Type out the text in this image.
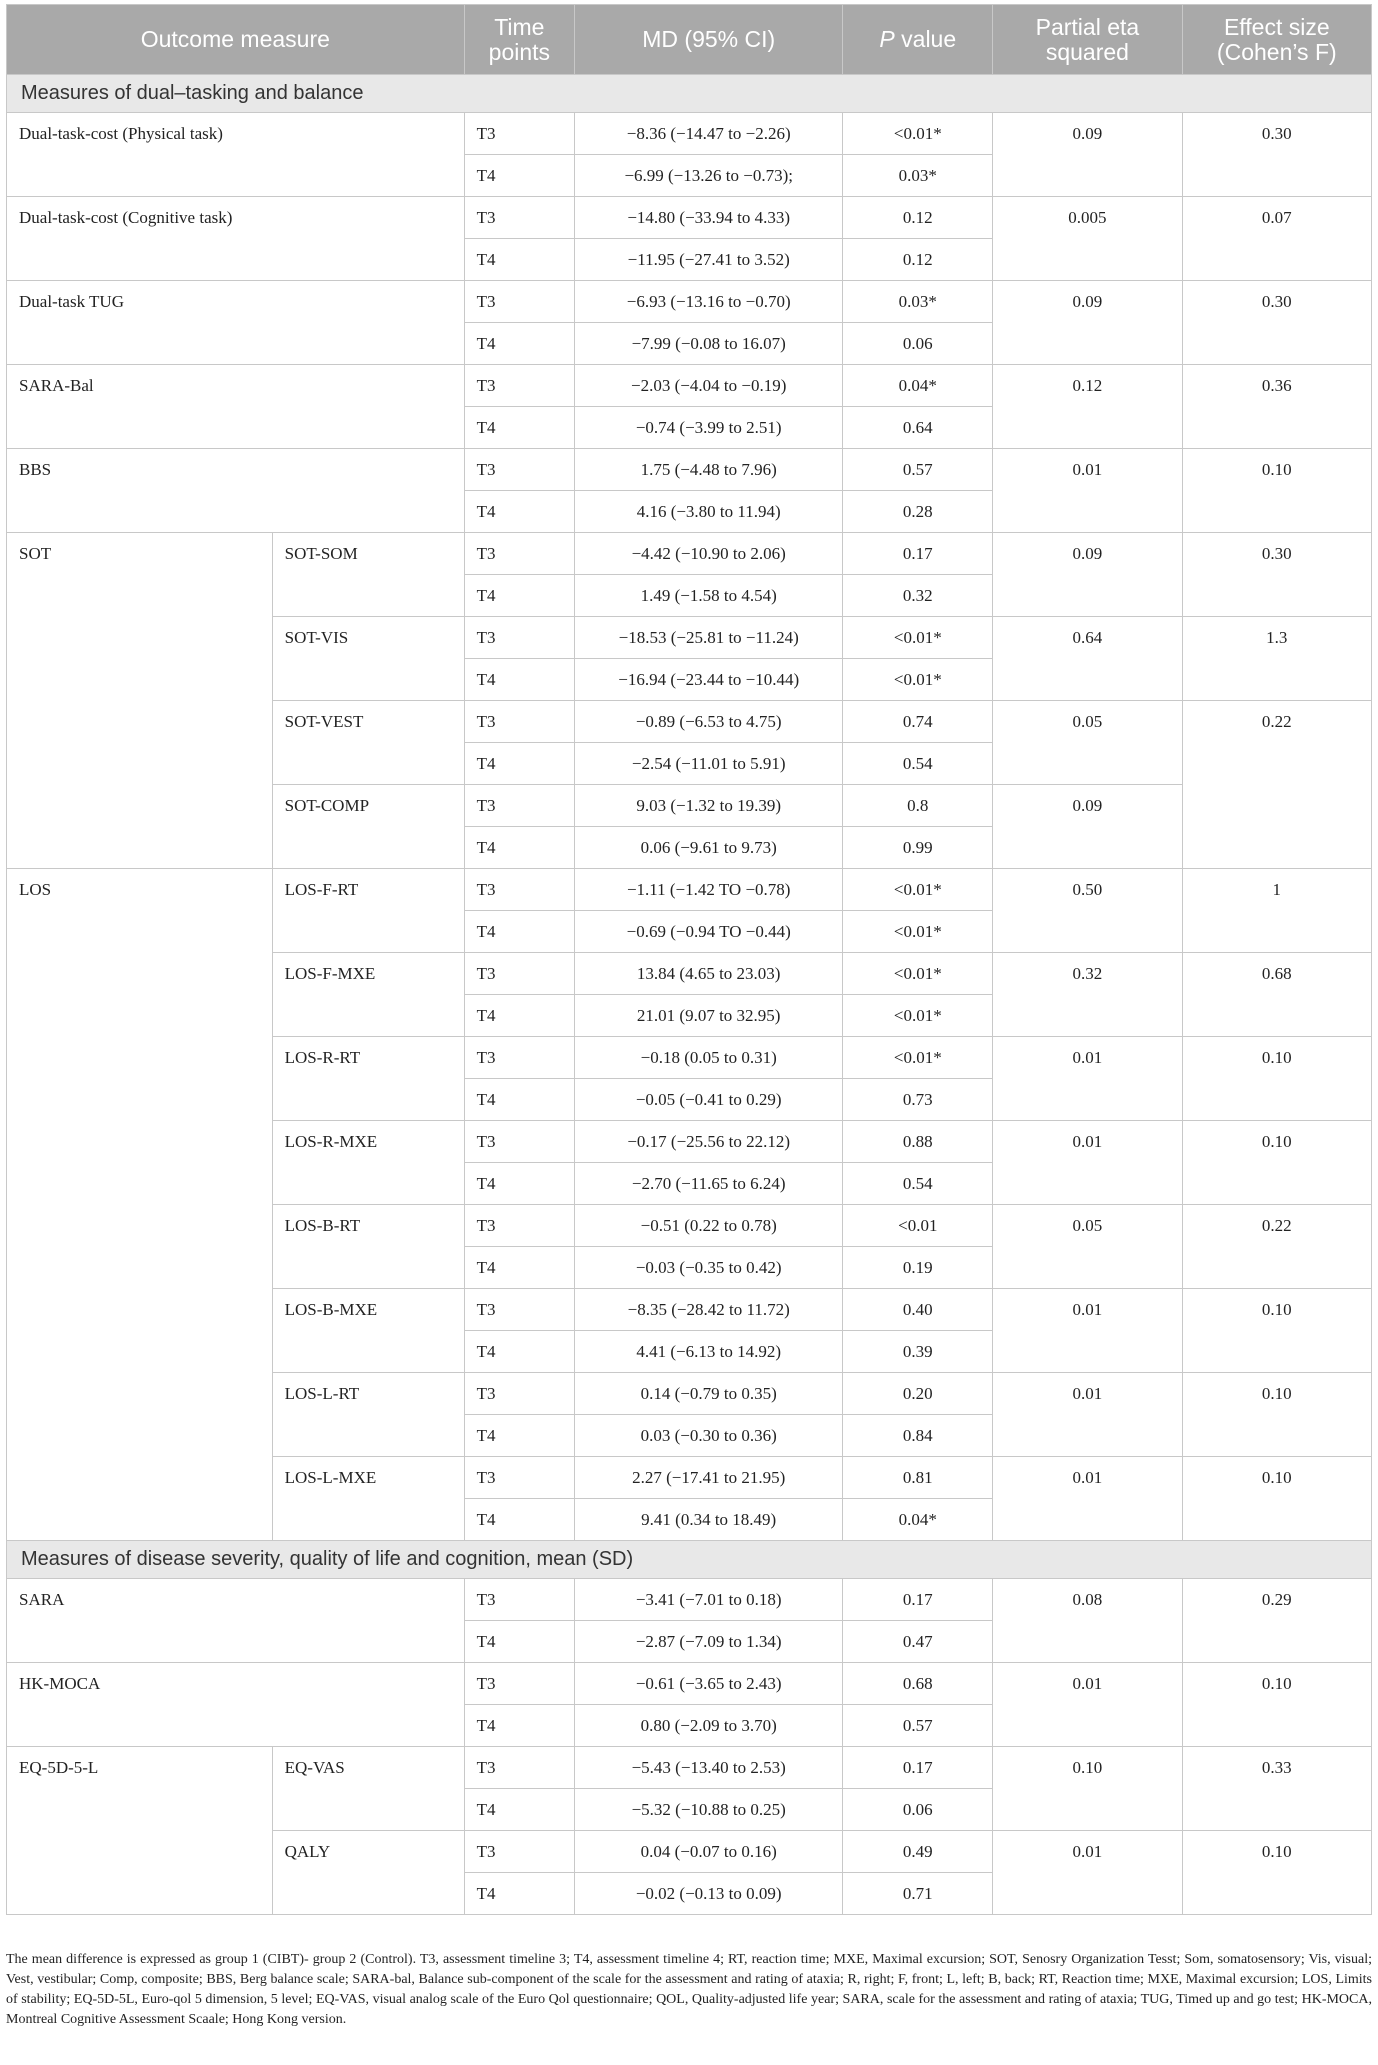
Outcome measure		Time points	MD (95% CI)	P value	Partial eta squared	Effect size (Cohen’s F)
Measures of dual–tasking and balance						
Dual-task-cost (Physical task)		T3	−8.36 (−14.47 to −2.26)	<0.01*	0.09	0.30
		T4	−6.99 (−13.26 to −0.73);	0.03*		
Dual-task-cost (Cognitive task)		T3	−14.80 (−33.94 to 4.33)	0.12	0.005	0.07
		T4	−11.95 (−27.41 to 3.52)	0.12		
Dual-task TUG		T3	−6.93 (−13.16 to −0.70)	0.03*	0.09	0.30
		T4	−7.99 (−0.08 to 16.07)	0.06		
SARA-Bal		T3	−2.03 (−4.04 to −0.19)	0.04*	0.12	0.36
		T4	−0.74 (−3.99 to 2.51)	0.64		
BBS		T3	1.75 (−4.48 to 7.96)	0.57	0.01	0.10
		T4	4.16 (−3.80 to 11.94)	0.28		
SOT	SOT-SOM	T3	−4.42 (−10.90 to 2.06)	0.17	0.09	0.30
		T4	1.49 (−1.58 to 4.54)	0.32		
	SOT-VIS	T3	−18.53 (−25.81 to −11.24)	<0.01*	0.64	1.3
		T4	−16.94 (−23.44 to −10.44)	<0.01*		
	SOT-VEST	T3	−0.89 (−6.53 to 4.75)	0.74	0.05	0.22
		T4	−2.54 (−11.01 to 5.91)	0.54		
	SOT-COMP	T3	9.03 (−1.32 to 19.39)	0.8	0.09	
		T4	0.06 (−9.61 to 9.73)	0.99		
LOS	LOS-F-RT	T3	−1.11 (−1.42 TO −0.78)	<0.01*	0.50	1
		T4	−0.69 (−0.94 TO −0.44)	<0.01*		
	LOS-F-MXE	T3	13.84 (4.65 to 23.03)	<0.01*	0.32	0.68
		T4	21.01 (9.07 to 32.95)	<0.01*		
	LOS-R-RT	T3	−0.18 (0.05 to 0.31)	<0.01*	0.01	0.10
		T4	−0.05 (−0.41 to 0.29)	0.73		
	LOS-R-MXE	T3	−0.17 (−25.56 to 22.12)	0.88	0.01	0.10
		T4	−2.70 (−11.65 to 6.24)	0.54		
	LOS-B-RT	T3	−0.51 (0.22 to 0.78)	<0.01	0.05	0.22
		T4	−0.03 (−0.35 to 0.42)	0.19		
	LOS-B-MXE	T3	−8.35 (−28.42 to 11.72)	0.40	0.01	0.10
		T4	4.41 (−6.13 to 14.92)	0.39		
	LOS-L-RT	T3	0.14 (−0.79 to 0.35)	0.20	0.01	0.10
		T4	0.03 (−0.30 to 0.36)	0.84		
	LOS-L-MXE	T3	2.27 (−17.41 to 21.95)	0.81	0.01	0.10
		T4	9.41 (0.34 to 18.49)	0.04*		
Measures of disease severity, quality of life and cognition, mean (SD)						
SARA		T3	−3.41 (−7.01 to 0.18)	0.17	0.08	0.29
		T4	−2.87 (−7.09 to 1.34)	0.47		
HK-MOCA		T3	−0.61 (−3.65 to 2.43)	0.68	0.01	0.10
		T4	0.80 (−2.09 to 3.70)	0.57		
EQ-5D-5-L	EQ-VAS	T3	−5.43 (−13.40 to 2.53)	0.17	0.10	0.33
		T4	−5.32 (−10.88 to 0.25)	0.06		
	QALY	T3	0.04 (−0.07 to 0.16)	0.49	0.01	0.10
		T4	−0.02 (−0.13 to 0.09)	0.71		
The mean difference is expressed as group 1 (CIBT)- group 2 (Control). T3, assessment timeline 3; T4, assessment timeline 4; RT, reaction time; MXE, Maximal excursion; SOT, Senosry Organization Tesst; Som, somatosensory; Vis, visual; Vest, vestibular; Comp, composite; BBS, Berg balance scale; SARA-bal, Balance sub-component of the scale for the assessment and rating of ataxia; R, right; F, front; L, left; B, back; RT, Reaction time; MXE, Maximal excursion; LOS, Limits of stability; EQ-5D-5L, Euro-qol 5 dimension, 5 level; EQ-VAS, visual analog scale of the Euro Qol questionnaire; QOL, Quality-adjusted life year; SARA, scale for the assessment and rating of ataxia; TUG, Timed up and go test; HK-MOCA, Montreal Cognitive Assessment Scaale; Hong Kong version.
